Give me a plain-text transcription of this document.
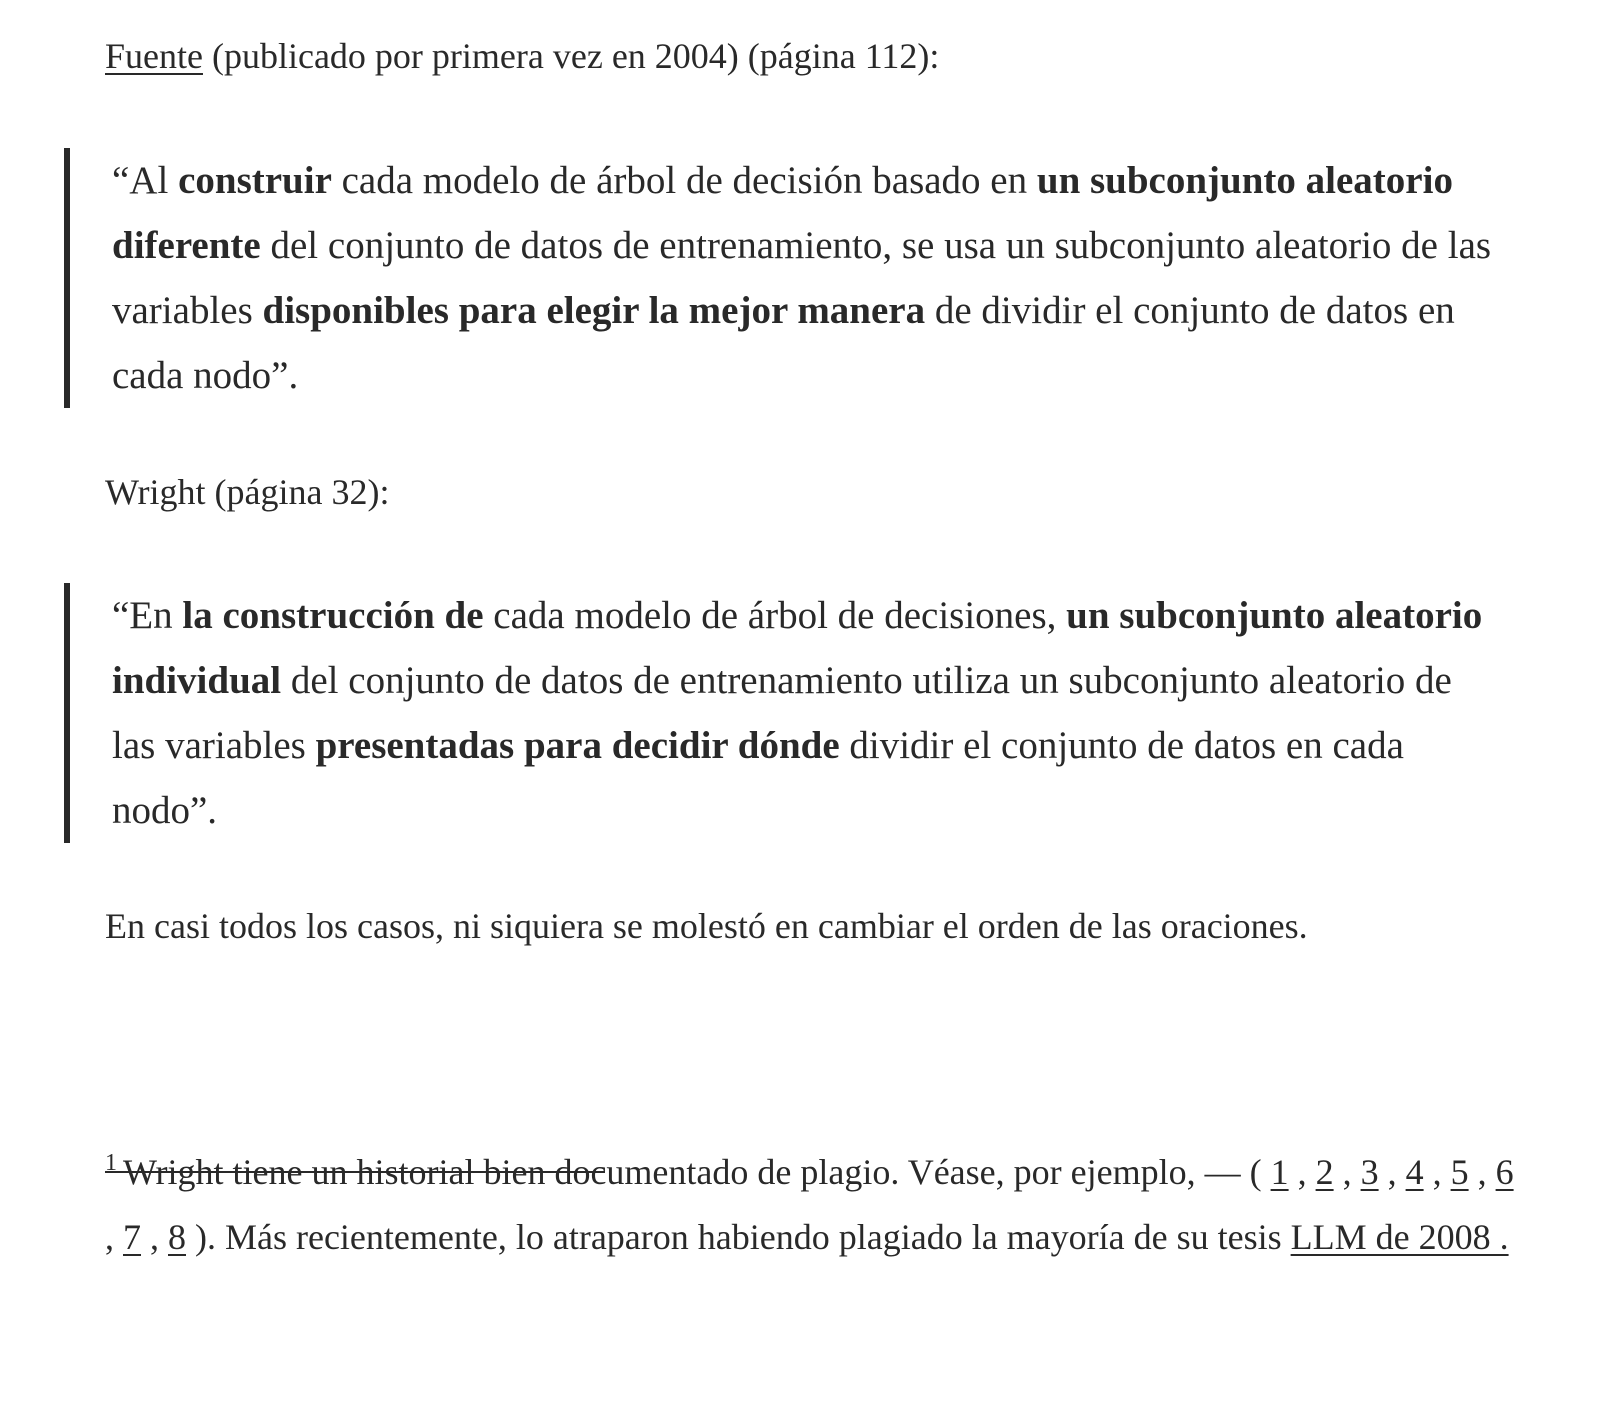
Fuente (publicado por primera vez en 2004) (página 112):

“Al construir cada modelo de árbol de decisión basado en un subconjunto aleatorio diferente del conjunto de datos de entrenamiento, se usa un subconjunto aleatorio de las variables disponibles para elegir la mejor manera de dividir el conjunto de datos en cada nodo”.

Wright (página 32):

“En la construcción de cada modelo de árbol de decisiones, un subconjunto aleatorio individual del conjunto de datos de entrenamiento utiliza un subconjunto aleatorio de las variables presentadas para decidir dónde dividir el conjunto de datos en cada nodo”.

En casi todos los casos, ni siquiera se molestó en cambiar el orden de las oraciones.

$^1$ Wright tiene un historial bien documentado de plagio. Véase, por ejemplo, — ( 1 , 2 , 3 , 4 , 5 , 6 , 7 , 8 ). Más recientemente, lo atraparon habiendo plagiado la mayoría de su tesis LLM de 2008 .
